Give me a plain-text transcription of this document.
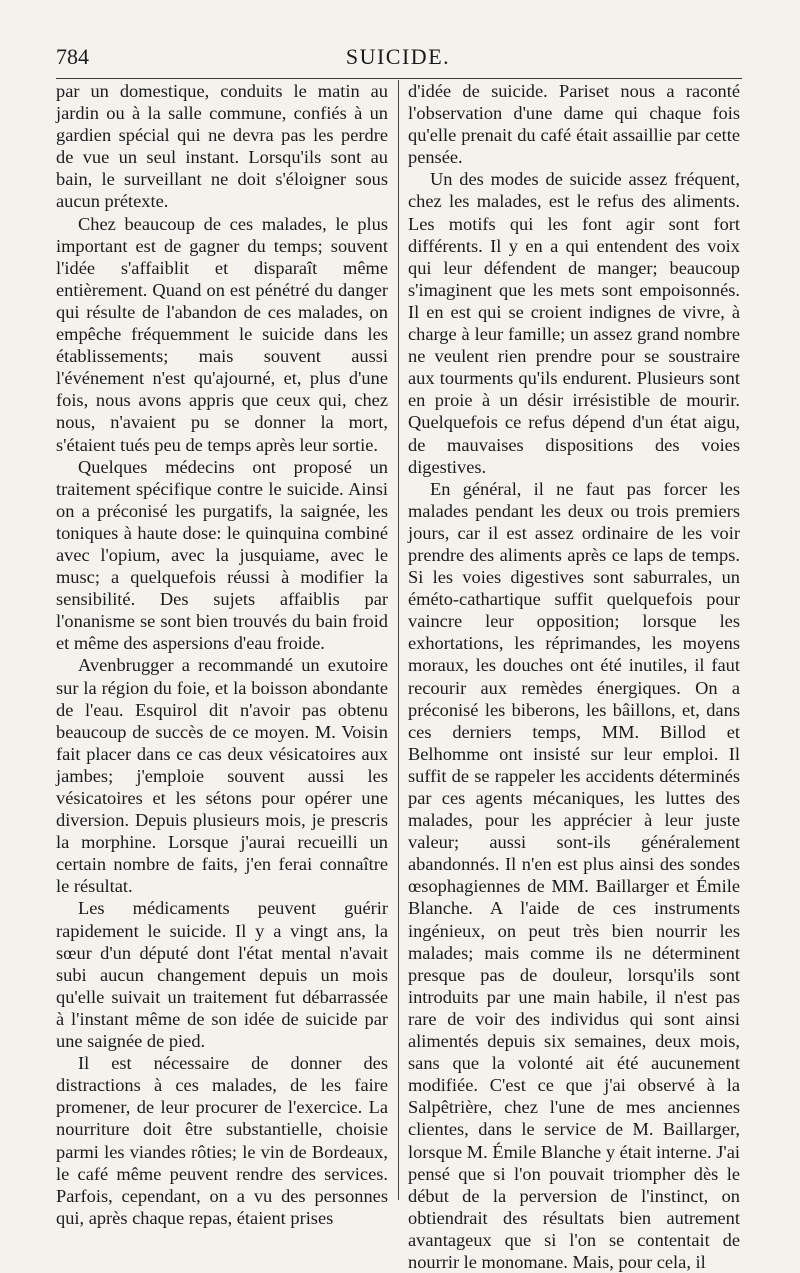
784	SUICIDE.

par un domestique, conduits le matin au jardin ou à la salle commune, confiés à un gardien spécial qui ne devra pas les perdre de vue un seul instant. Lorsqu'ils sont au bain, le surveillant ne doit s'éloigner sous aucun prétexte.

Chez beaucoup de ces malades, le plus important est de gagner du temps; souvent l'idée s'affaiblit et disparaît même entièrement. Quand on est pénétré du danger qui résulte de l'abandon de ces malades, on empêche fréquemment le suicide dans les établissements; mais souvent aussi l'événement n'est qu'ajourné, et, plus d'une fois, nous avons appris que ceux qui, chez nous, n'avaient pu se donner la mort, s'étaient tués peu de temps après leur sortie.

Quelques médecins ont proposé un traitement spécifique contre le suicide. Ainsi on a préconisé les purgatifs, la saignée, les toniques à haute dose: le quinquina combiné avec l'opium, avec la jusquiame, avec le musc; a quelquefois réussi à modifier la sensibilité. Des sujets affaiblis par l'onanisme se sont bien trouvés du bain froid et même des aspersions d'eau froide.

Avenbrugger a recommandé un exutoire sur la région du foie, et la boisson abondante de l'eau. Esquirol dit n'avoir pas obtenu beaucoup de succès de ce moyen. M. Voisin fait placer dans ce cas deux vésicatoires aux jambes; j'emploie souvent aussi les vésicatoires et les sétons pour opérer une diversion. Depuis plusieurs mois, je prescris la morphine. Lorsque j'aurai recueilli un certain nombre de faits, j'en ferai connaître le résultat.

Les médicaments peuvent guérir rapidement le suicide. Il y a vingt ans, la sœur d'un député dont l'état mental n'avait subi aucun changement depuis un mois qu'elle suivait un traitement fut débarrassée à l'instant même de son idée de suicide par une saignée de pied.

Il est nécessaire de donner des distractions à ces malades, de les faire promener, de leur procurer de l'exercice. La nourriture doit être substantielle, choisie parmi les viandes rôties; le vin de Bordeaux, le café même peuvent rendre des services. Parfois, cependant, on a vu des personnes qui, après chaque repas, étaient prises

d'idée de suicide. Pariset nous a raconté l'observation d'une dame qui chaque fois qu'elle prenait du café était assaillie par cette pensée.

Un des modes de suicide assez fréquent, chez les malades, est le refus des aliments. Les motifs qui les font agir sont fort différents. Il y en a qui entendent des voix qui leur défendent de manger; beaucoup s'imaginent que les mets sont empoisonnés. Il en est qui se croient indignes de vivre, à charge à leur famille; un assez grand nombre ne veulent rien prendre pour se soustraire aux tourments qu'ils endurent. Plusieurs sont en proie à un désir irrésistible de mourir. Quelquefois ce refus dépend d'un état aigu, de mauvaises dispositions des voies digestives.

En général, il ne faut pas forcer les malades pendant les deux ou trois premiers jours, car il est assez ordinaire de les voir prendre des aliments après ce laps de temps. Si les voies digestives sont saburrales, un éméto-cathartique suffit quelquefois pour vaincre leur opposition; lorsque les exhortations, les réprimandes, les moyens moraux, les douches ont été inutiles, il faut recourir aux remèdes énergiques. On a préconisé les biberons, les bâillons, et, dans ces derniers temps, MM. Billod et Belhomme ont insisté sur leur emploi. Il suffit de se rappeler les accidents déterminés par ces agents mécaniques, les luttes des malades, pour les apprécier à leur juste valeur; aussi sont-ils généralement abandonnés. Il n'en est plus ainsi des sondes œsophagiennes de MM. Baillarger et Émile Blanche. A l'aide de ces instruments ingénieux, on peut très bien nourrir les malades; mais comme ils ne déterminent presque pas de douleur, lorsqu'ils sont introduits par une main habile, il n'est pas rare de voir des individus qui sont ainsi alimentés depuis six semaines, deux mois, sans que la volonté ait été aucunement modifiée. C'est ce que j'ai observé à la Salpêtrière, chez l'une de mes anciennes clientes, dans le service de M. Baillarger, lorsque M. Émile Blanche y était interne. J'ai pensé que si l'on pouvait triompher dès le début de la perversion de l'instinct, on obtiendrait des résultats bien autrement avantageux que si l'on se contentait de nourrir le monomane. Mais, pour cela, il
